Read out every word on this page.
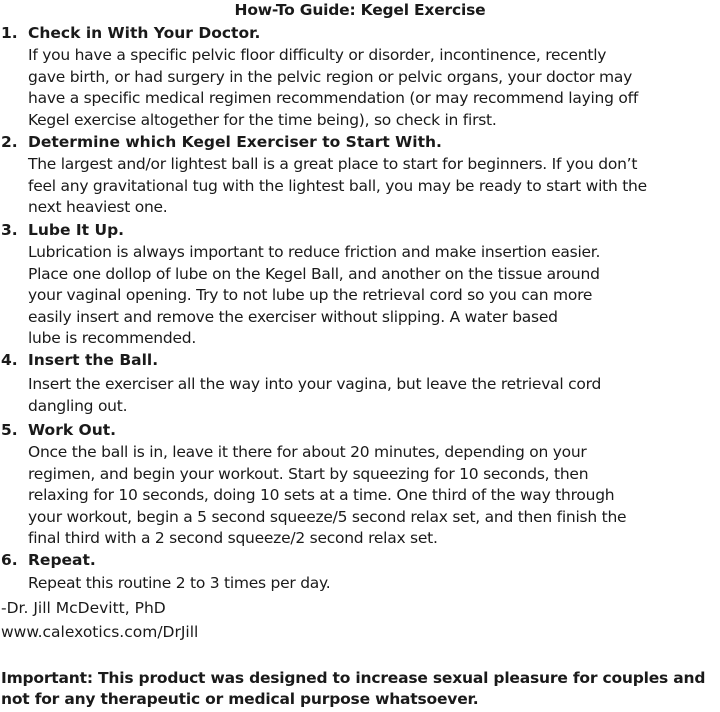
How-To Guide: Kegel Exercise
1. Check in With Your Doctor.
If you have a specific pelvic floor difficulty or disorder, incontinence, recently
gave birth, or had surgery in the pelvic region or pelvic organs, your doctor may
have a specific medical regimen recommendation (or may recommend laying off
Kegel exercise altogether for the time being), so check in first.
2. Determine which Kegel Exerciser to Start With.
The largest and/or lightest ball is a great place to start for beginners. If you don’t
feel any gravitational tug with the lightest ball, you may be ready to start with the
next heaviest one.
3. Lube It Up.
Lubrication is always important to reduce friction and make insertion easier.
Place one dollop of lube on the Kegel Ball, and another on the tissue around
your vaginal opening. Try to not lube up the retrieval cord so you can more
easily insert and remove the exerciser without slipping. A water based
lube is recommended.
4. Insert the Ball.
Insert the exerciser all the way into your vagina, but leave the retrieval cord
dangling out.
5. Work Out.
Once the ball is in, leave it there for about 20 minutes, depending on your
regimen, and begin your workout. Start by squeezing for 10 seconds, then
relaxing for 10 seconds, doing 10 sets at a time. One third of the way through
your workout, begin a 5 second squeeze/5 second relax set, and then finish the
final third with a 2 second squeeze/2 second relax set.
6. Repeat.
Repeat this routine 2 to 3 times per day.
-Dr. Jill McDevitt, PhD
www.calexotics.com/DrJill
Important: This product was designed to increase sexual pleasure for couples and not for any therapeutic or medical purpose whatsoever.
